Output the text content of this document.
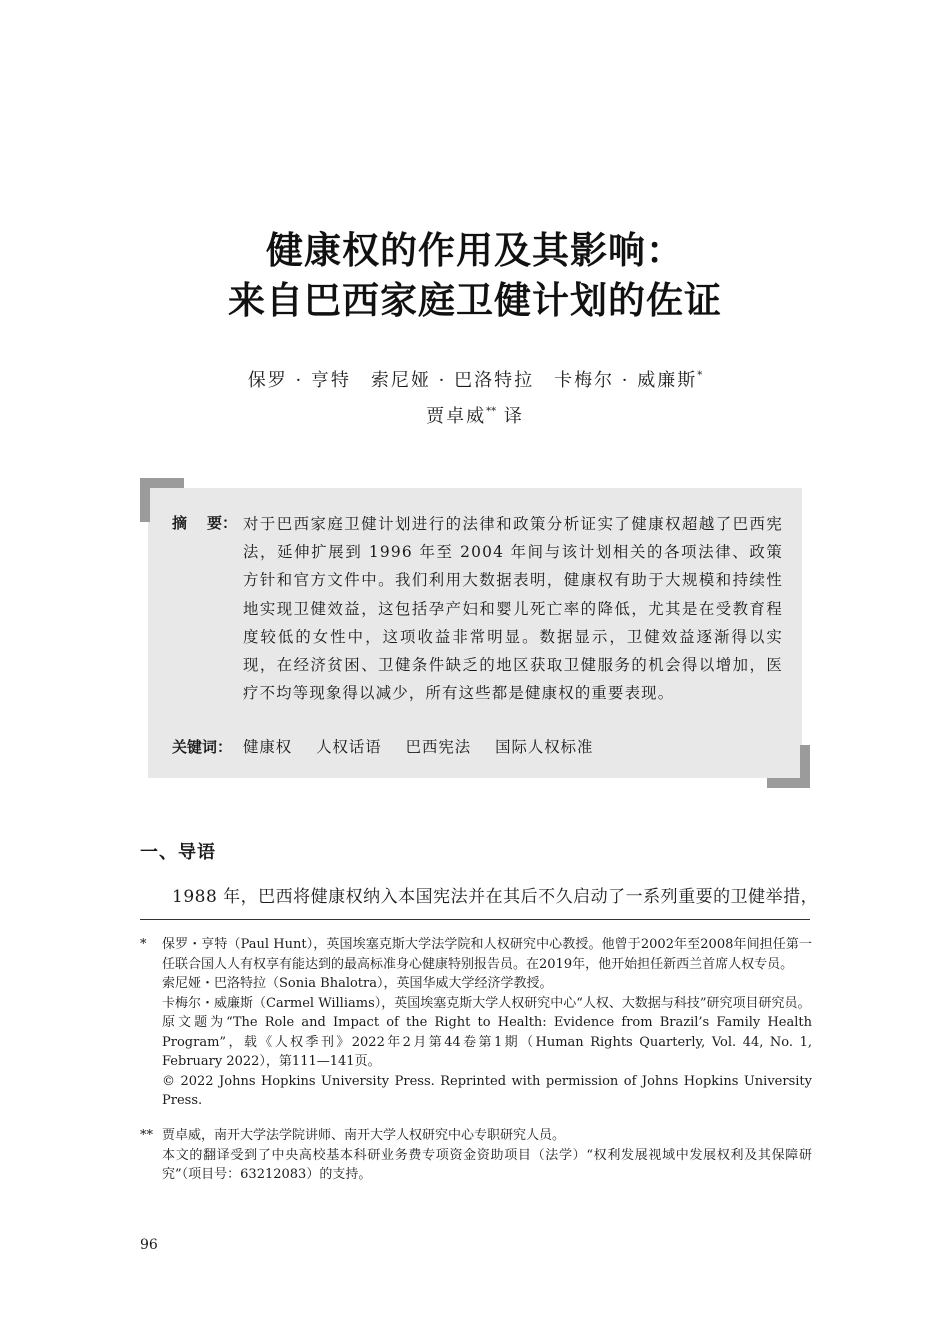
健康权的作用及其影响：
来自巴西家庭卫健计划的佐证
保罗 · 亨特　索尼娅 · 巴洛特拉　卡梅尔 · 威廉斯*
贾卓威** 译
摘 要： 对于巴西家庭卫健计划进行的法律和政策分析证实了健康权超越了巴西宪法，延伸扩展到 1996 年至 2004 年间与该计划相关的各项法律、政策方针和官方文件中。我们利用大数据表明，健康权有助于大规模和持续性地实现卫健效益，这包括孕产妇和婴儿死亡率的降低，尤其是在受教育程度较低的女性中，这项收益非常明显。数据显示，卫健效益逐渐得以实现，在经济贫困、卫健条件缺乏的地区获取卫健服务的机会得以增加，医疗不均等现象得以减少，所有这些都是健康权的重要表现。
关键词： 健康权 人权话语 巴西宪法 国际人权标准
一、导语
1988 年，巴西将健康权纳入本国宪法并在其后不久启动了一系列重要的卫健举措，
* 保罗・亨特（Paul Hunt），英国埃塞克斯大学法学院和人权研究中心教授。他曾于2002年至2008年间担任第一任联合国人人有权享有能达到的最高标准身心健康特别报告员。在2019年，他开始担任新西兰首席人权专员。

索尼娅・巴洛特拉（Sonia Bhalotra），英国华威大学经济学教授。

卡梅尔・威廉斯（Carmel Williams），英国埃塞克斯大学人权研究中心“人权、大数据与科技”研究项目研究员。

原文题为“The Role and Impact of the Right to Health: Evidence from Brazil’s Family Health Program”，载《人权季刊》2022年2月第44卷第1期（Human Rights Quarterly, Vol. 44, No. 1, February 2022），第111—141页。

© 2022 Johns Hopkins University Press. Reprinted with permission of Johns Hopkins University Press.

** 贾卓威，南开大学法学院讲师、南开大学人权研究中心专职研究人员。

本文的翻译受到了中央高校基本科研业务费专项资金资助项目（法学）“权利发展视域中发展权利及其保障研究”（项目号：63212083）的支持。

96
